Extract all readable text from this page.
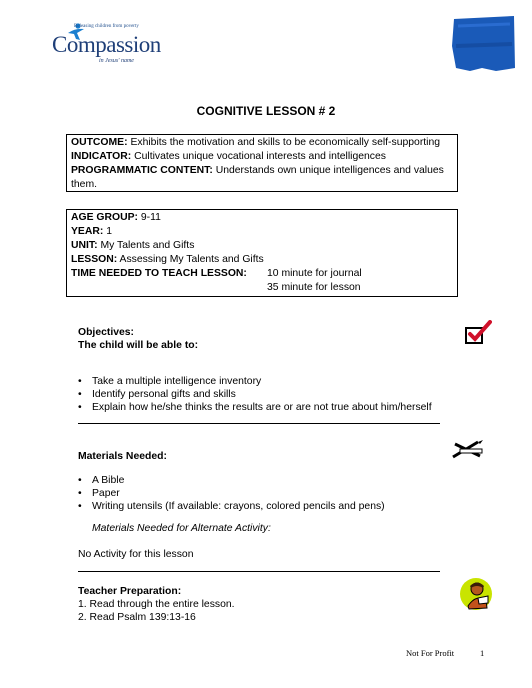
Releasing children from poverty
Compassion
in Jesus' name
COGNITIVE LESSON # 2
OUTCOME: Exhibits the motivation and skills to be economically self-supporting
INDICATOR: Cultivates unique vocational interests and intelligences
PROGRAMMATIC CONTENT: Understands own unique intelligences and values
them.
AGE GROUP: 9-11
YEAR: 1
UNIT: My Talents and Gifts
LESSON: Assessing My Talents and Gifts
TIME NEEDED TO TEACH LESSON: 10 minute for journal
35 minute for lesson
Objectives:
The child will be able to:
• Take a multiple intelligence inventory
• Identify personal gifts and skills
• Explain how he/she thinks the results are or are not true about him/herself
Materials Needed:
• A Bible
• Paper
• Writing utensils (If available: crayons, colored pencils and pens)
Materials Needed for Alternate Activity:
No Activity for this lesson
Teacher Preparation:
1. Read through the entire lesson.
2. Read Psalm 139:13-16
Not For Profit	1
